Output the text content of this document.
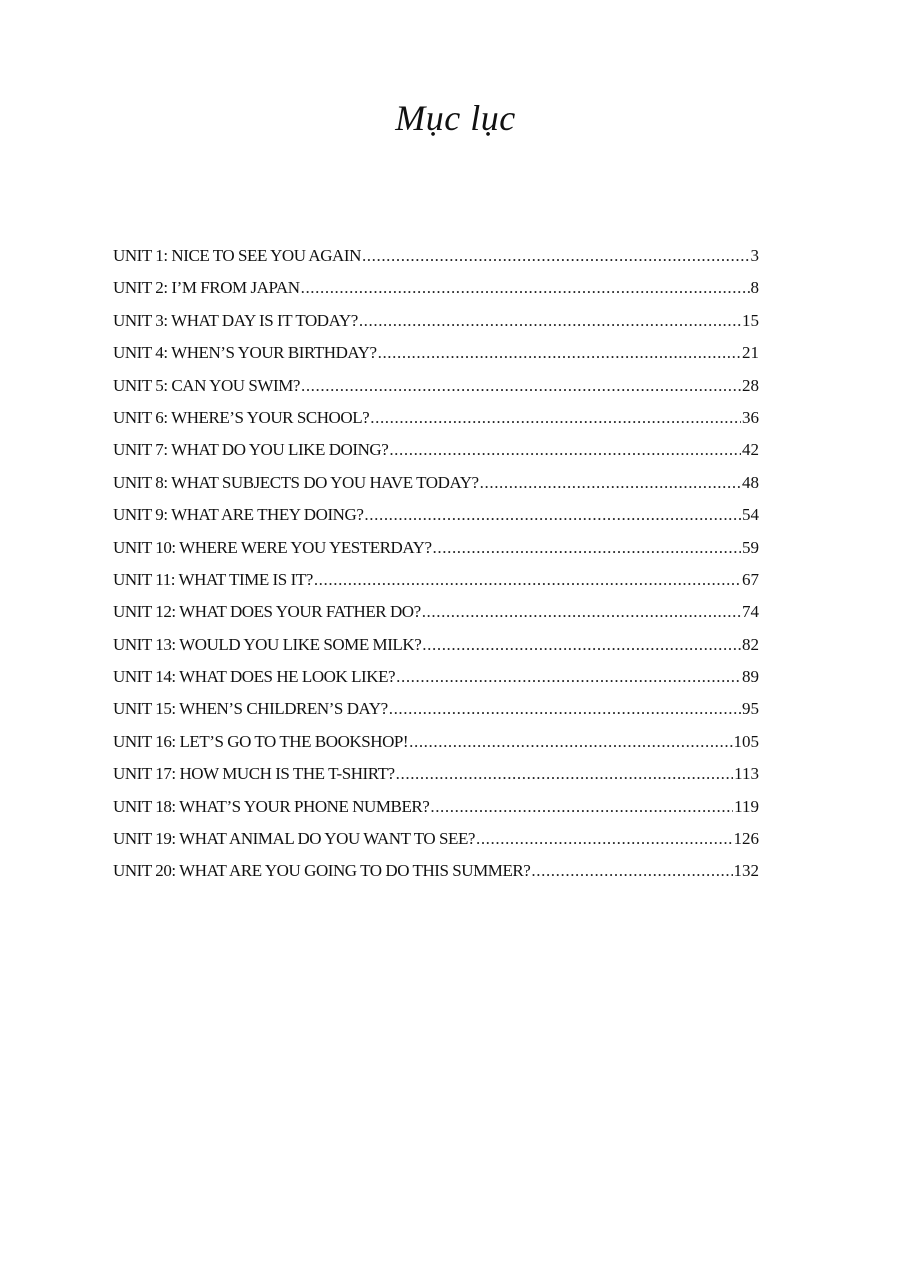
Mục lục
UNIT 1: NICE TO SEE YOU AGAIN .....	3
UNIT 2: I’M FROM JAPAN .....	8
UNIT 3: WHAT DAY IS IT TODAY? .....	15
UNIT 4: WHEN’S YOUR BIRTHDAY? .....	21
UNIT 5: CAN YOU SWIM? .....	28
UNIT 6: WHERE’S YOUR SCHOOL? .....	36
UNIT 7: WHAT DO YOU LIKE DOING? .....	42
UNIT 8: WHAT SUBJECTS DO YOU HAVE TODAY? .....	48
UNIT 9: WHAT ARE THEY DOING? .....	54
UNIT 10: WHERE WERE YOU YESTERDAY? .....	59
UNIT 11: WHAT TIME IS IT? .....	67
UNIT 12: WHAT DOES YOUR FATHER DO? .....	74
UNIT 13: WOULD YOU LIKE SOME MILK? .....	82
UNIT 14: WHAT DOES HE LOOK LIKE? .....	89
UNIT 15: WHEN’S CHILDREN’S DAY? .....	95
UNIT 16: LET’S GO TO THE BOOKSHOP! .....	105
UNIT 17: HOW MUCH IS THE T-SHIRT? .....	113
UNIT 18: WHAT’S YOUR PHONE NUMBER? .....	119
UNIT 19: WHAT ANIMAL DO YOU WANT TO SEE? .....	126
UNIT 20: WHAT ARE YOU GOING TO DO THIS SUMMER? .....	132
